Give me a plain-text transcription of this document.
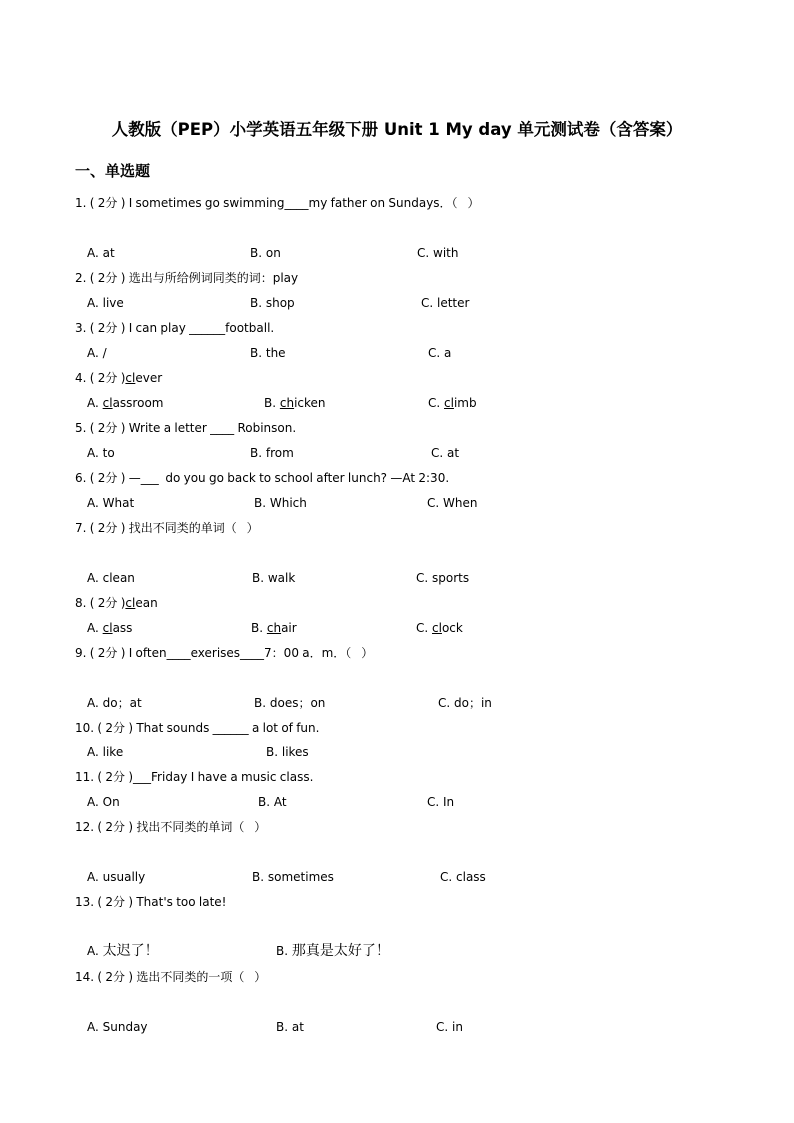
人教版（PEP）小学英语五年级下册 Unit 1 My day 单元测试卷（含答案）
一、单选题
1. ( 2分 ) I sometimes go swimming____my father on Sundays．（   ）
A. at	B. on	C. with
2. ( 2分 ) 选出与所给例词同类的词：play
A. live	B. shop	C. letter
3. ( 2分 ) I can play ______football.
A. /	B. the	C. a
4. ( 2分 )clever
A. classroom	B. chicken	C. climb
5. ( 2分 ) Write a letter ____ Robinson.
A. to	B. from	C. at
6. ( 2分 ) —___  do you go back to school after lunch? —At 2:30.
A. What	B. Which	C. When
7. ( 2分 ) 找出不同类的单词（   ）
A. clean	B. walk	C. sports
8. ( 2分 )clean
A. class	B. chair	C. clock
9. ( 2分 ) I often____exerises____7：00 a．m．（   ）
A. do；at	B. does；on	C. do；in
10. ( 2分 ) That sounds ______ a lot of fun.
A. like	B. likes
11. ( 2分 )___Friday I have a music class.
A. On	B. At	C. In
12. ( 2分 ) 找出不同类的单词（   ）
A. usually	B. sometimes	C. class
13. ( 2分 ) That's too late!
A. 太迟了！	B. 那真是太好了！
14. ( 2分 ) 选出不同类的一项（   ）
A. Sunday	B. at	C. in
